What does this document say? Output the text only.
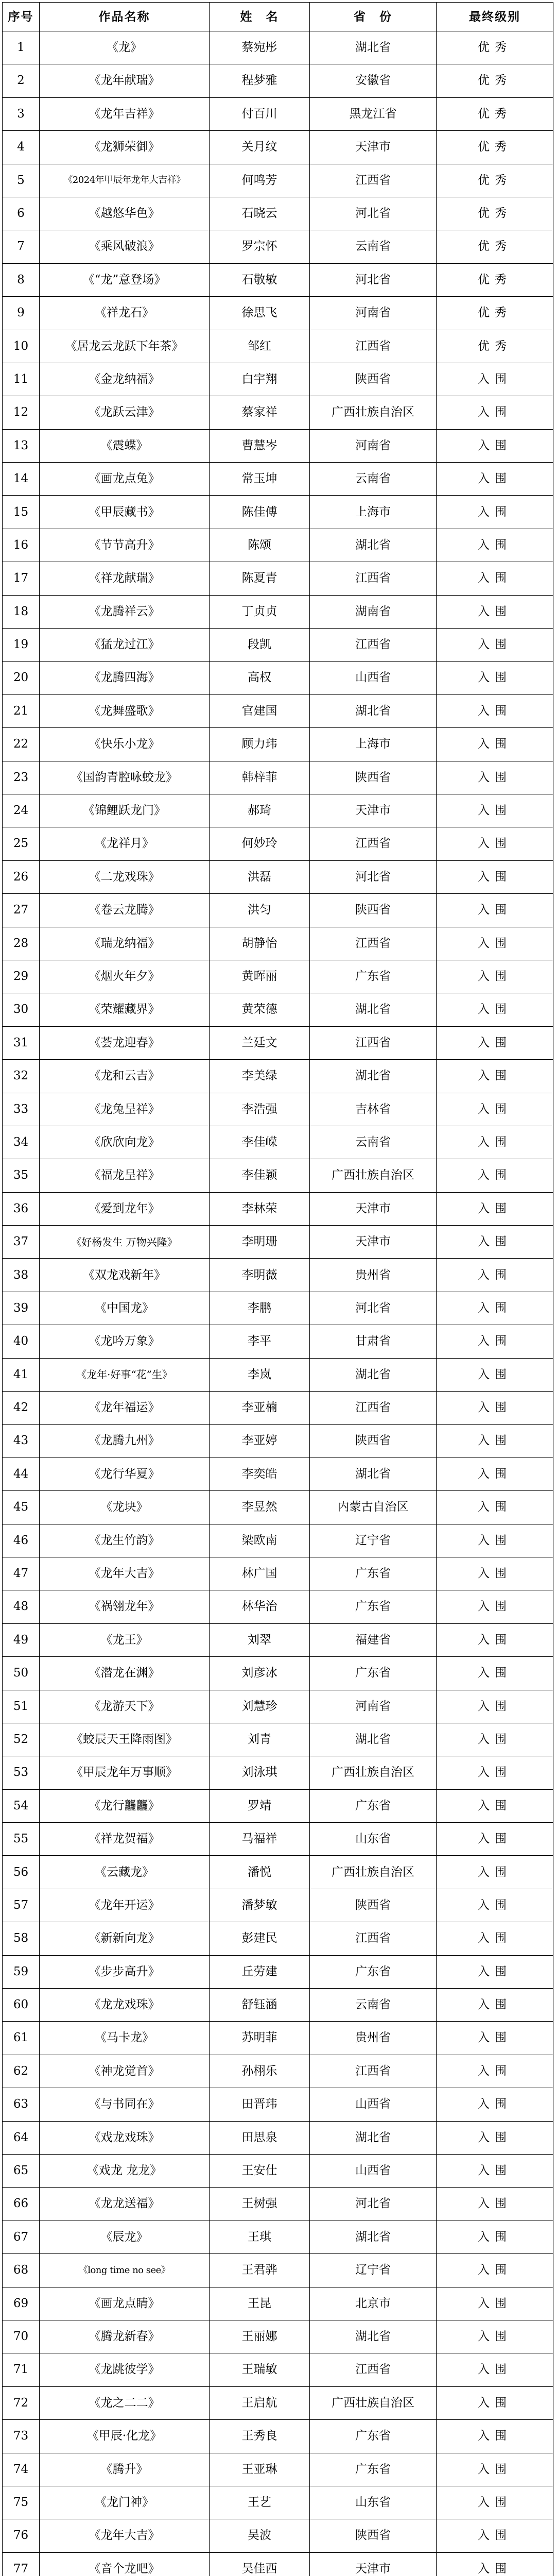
序号	作品名称	姓　名	省　份	最终级别
1	《龙》	蔡宛彤	湖北省	优秀
2	《龙年献瑞》	程梦雅	安徽省	优秀
3	《龙年吉祥》	付百川	黑龙江省	优秀
4	《龙狮荣御》	关月纹	天津市	优秀
5	《2024年甲辰年龙年大吉祥》	何鸣芳	江西省	优秀
6	《越悠华色》	石晓云	河北省	优秀
7	《乘风破浪》	罗宗怀	云南省	优秀
8	《“龙”意登场》	石敬敏	河北省	优秀
9	《祥龙石》	徐思飞	河南省	优秀
10	《居龙云龙跃下年茶》	邹红	江西省	优秀
11	《金龙纳福》	白宇翔	陕西省	入围
12	《龙跃云津》	蔡家祥	广西壮族自治区	入围
13	《震蝶》	曹慧岑	河南省	入围
14	《画龙点兔》	常玉坤	云南省	入围
15	《甲辰藏书》	陈佳傅	上海市	入围
16	《节节高升》	陈颂	湖北省	入围
17	《祥龙献瑞》	陈夏青	江西省	入围
18	《龙腾祥云》	丁贞贞	湖南省	入围
19	《猛龙过江》	段凯	江西省	入围
20	《龙腾四海》	高权	山西省	入围
21	《龙舞盛歌》	官建国	湖北省	入围
22	《快乐小龙》	顾力玮	上海市	入围
23	《国韵青腔咏蛟龙》	韩梓菲	陕西省	入围
24	《锦鲤跃龙门》	郝琦	天津市	入围
25	《龙祥月》	何妙玲	江西省	入围
26	《二龙戏珠》	洪磊	河北省	入围
27	《卷云龙腾》	洪匀	陕西省	入围
28	《瑞龙纳福》	胡静怡	江西省	入围
29	《烟火年夕》	黄晖丽	广东省	入围
30	《荣耀藏界》	黄荣德	湖北省	入围
31	《荟龙迎春》	兰廷文	江西省	入围
32	《龙和云吉》	李美绿	湖北省	入围
33	《龙兔呈祥》	李浩强	吉林省	入围
34	《欣欣向龙》	李佳嵘	云南省	入围
35	《福龙呈祥》	李佳颖	广西壮族自治区	入围
36	《爱到龙年》	李林荣	天津市	入围
37	《好杨发生 万物兴隆》	李明珊	天津市	入围
38	《双龙戏新年》	李明薇	贵州省	入围
39	《中国龙》	李鹏	河北省	入围
40	《龙吟万象》	李平	甘肃省	入围
41	《龙年·好事“花”生》	李岚	湖北省	入围
42	《龙年福运》	李亚楠	江西省	入围
43	《龙腾九州》	李亚婷	陕西省	入围
44	《龙行华夏》	李奕皓	湖北省	入围
45	《龙块》	李昱然	内蒙古自治区	入围
46	《龙生竹韵》	梁欧南	辽宁省	入围
47	《龙年大吉》	林广国	广东省	入围
48	《祸翎龙年》	林华治	广东省	入围
49	《龙王》	刘翠	福建省	入围
50	《潜龙在渊》	刘彦冰	广东省	入围
51	《龙游天下》	刘慧珍	河南省	入围
52	《蛟辰天王降雨图》	刘青	湖北省	入围
53	《甲辰龙年万事顺》	刘泳琪	广西壮族自治区	入围
54	《龙行龘龘》	罗靖	广东省	入围
55	《祥龙贺福》	马福祥	山东省	入围
56	《云藏龙》	潘悦	广西壮族自治区	入围
57	《龙年开运》	潘梦敏	陕西省	入围
58	《新新向龙》	彭建民	江西省	入围
59	《步步高升》	丘劳建	广东省	入围
60	《龙龙戏珠》	舒钰涵	云南省	入围
61	《马卡龙》	苏明菲	贵州省	入围
62	《神龙觉首》	孙栩乐	江西省	入围
63	《与书同在》	田晋玮	山西省	入围
64	《戏龙戏珠》	田思泉	湖北省	入围
65	《戏龙 龙龙》	王安仕	山西省	入围
66	《龙龙送福》	王树强	河北省	入围
67	《辰龙》	王琪	湖北省	入围
68	《long time no see》	王君骅	辽宁省	入围
69	《画龙点睛》	王昆	北京市	入围
70	《腾龙新春》	王丽娜	湖北省	入围
71	《龙跳彼学》	王瑞敏	江西省	入围
72	《龙之二二》	王启航	广西壮族自治区	入围
73	《甲辰·化龙》	王秀良	广东省	入围
74	《腾升》	王亚琳	广东省	入围
75	《龙门神》	王艺	山东省	入围
76	《龙年大吉》	吴波	陕西省	入围
77	《音个龙吧》	吴佳西	天津市	入围
